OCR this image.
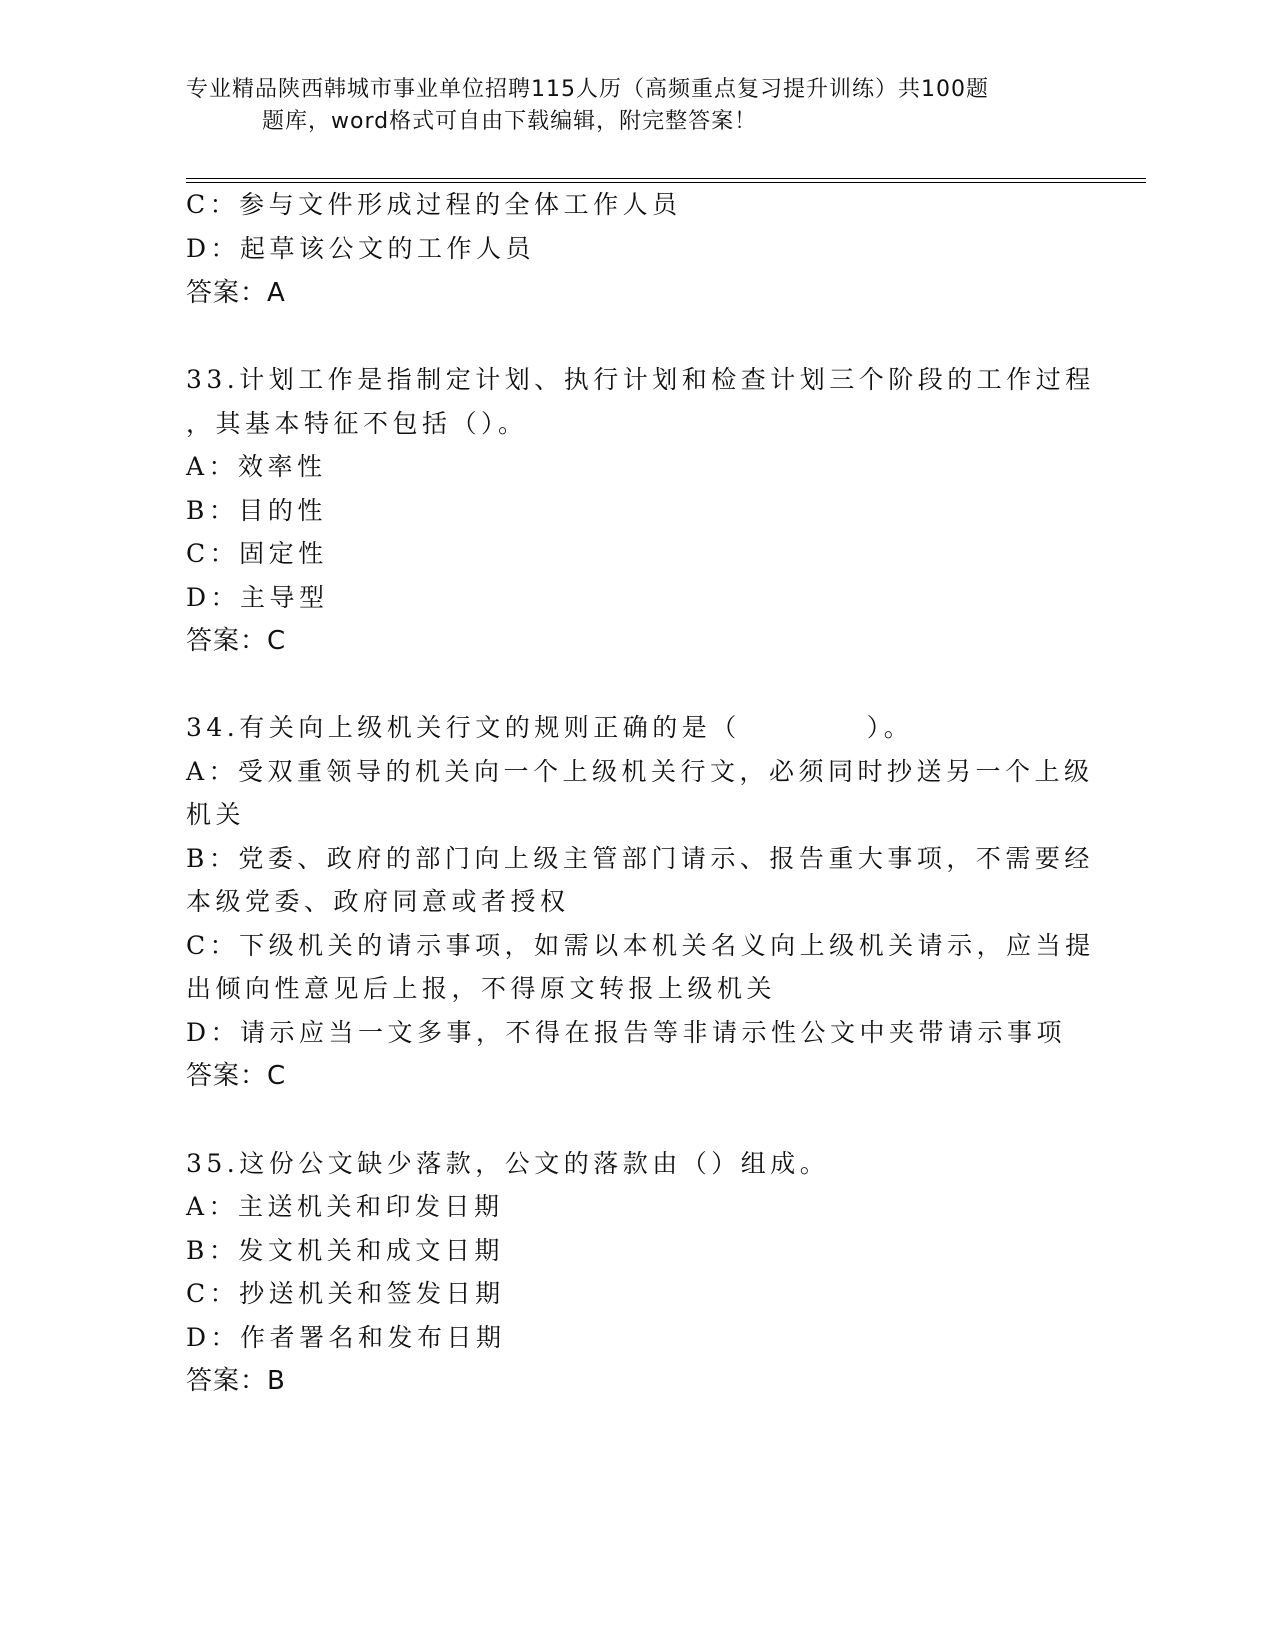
专业精品陕西韩城市事业单位招聘115人历（高频重点复习提升训练）共100题
题库，word格式可自由下载编辑，附完整答案！
C：参与文件形成过程的全体工作人员
D：起草该公文的工作人员
答案：A
33.计划工作是指制定计划、执行计划和检查计划三个阶段的工作过程
，其基本特征不包括（）。
A：效率性
B：目的性
C：固定性
D：主导型
答案：C
34.有关向上级机关行文的规则正确的是（	）。
A：受双重领导的机关向一个上级机关行文，必须同时抄送另一个上级
机关
B：党委、政府的部门向上级主管部门请示、报告重大事项，不需要经
本级党委、政府同意或者授权
C：下级机关的请示事项，如需以本机关名义向上级机关请示，应当提
出倾向性意见后上报，不得原文转报上级机关
D：请示应当一文多事，不得在报告等非请示性公文中夹带请示事项
答案：C
35.这份公文缺少落款，公文的落款由（）组成。
A：主送机关和印发日期
B：发文机关和成文日期
C：抄送机关和签发日期
D：作者署名和发布日期
答案：B
